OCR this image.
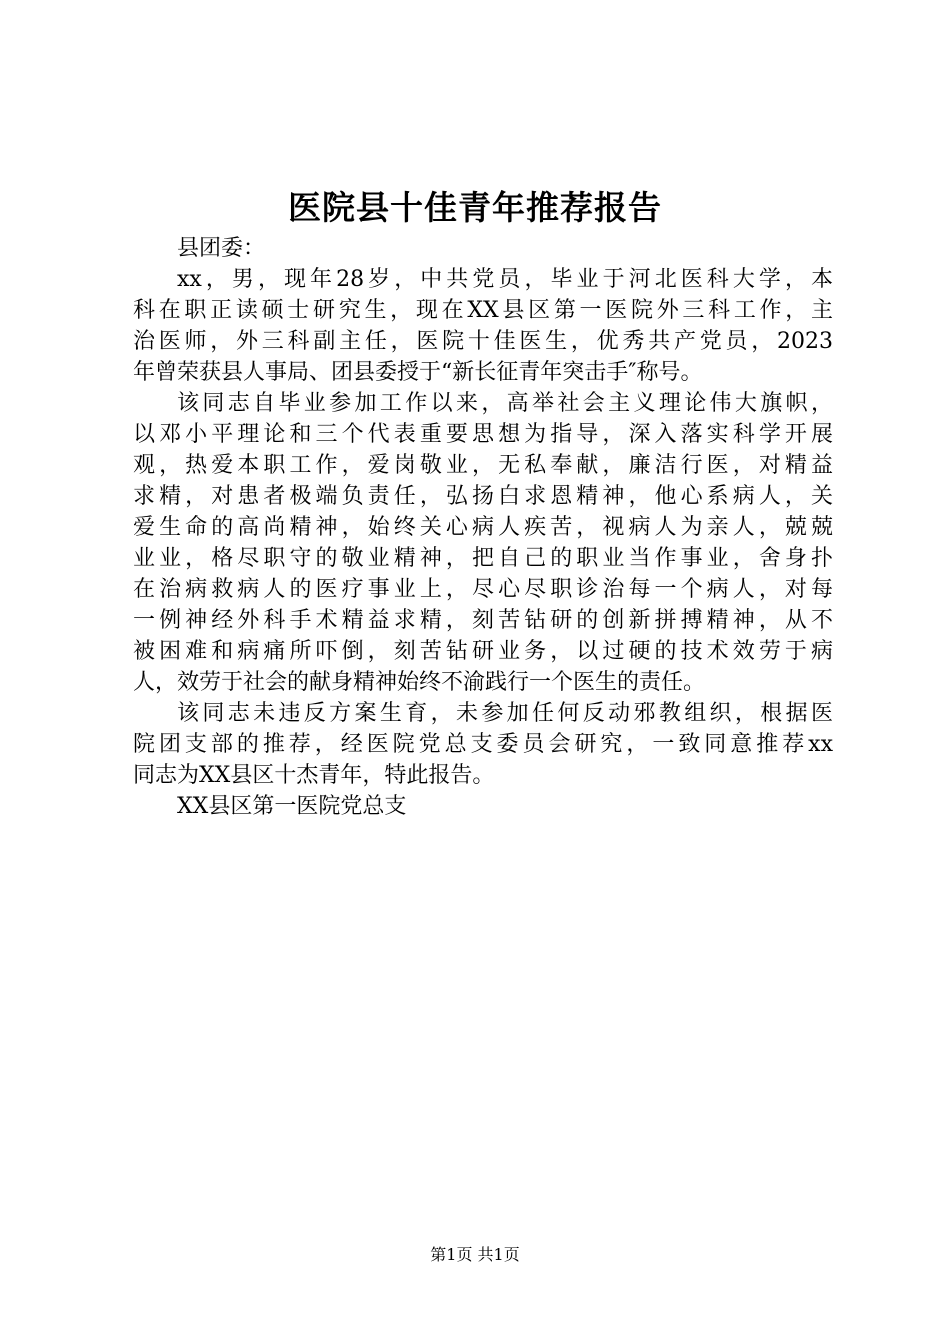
医院县十佳青年推荐报告
县团委：
xx，男，现年28岁，中共党员，毕业于河北医科大学，本
科在职正读硕士研究生，现在XX县区第一医院外三科工作，主
治医师，外三科副主任，医院十佳医生，优秀共产党员，2023
年曾荣获县人事局、团县委授于“新长征青年突击手″称号。
该同志自毕业参加工作以来，高举社会主义理论伟大旗帜，
以邓小平理论和三个代表重要思想为指导，深入落实科学开展
观，热爱本职工作，爱岗敬业，无私奉献，廉洁行医，对精益
求精，对患者极端负责任，弘扬白求恩精神，他心系病人，关
爱生命的高尚精神，始终关心病人疾苦，视病人为亲人，兢兢
业业，格尽职守的敬业精神，把自己的职业当作事业，舍身扑
在治病救病人的医疗事业上，尽心尽职诊治每一个病人，对每
一例神经外科手术精益求精，刻苦钻研的创新拼搏精神，从不
被困难和病痛所吓倒，刻苦钻研业务，以过硬的技术效劳于病
人，效劳于社会的献身精神始终不渝践行一个医生的责任。
该同志未违反方案生育，未参加任何反动邪教组织，根据医
院团支部的推荐，经医院党总支委员会研究，一致同意推荐xx
同志为XX县区十杰青年，特此报告。
XX县区第一医院党总支
第1页 共1页
